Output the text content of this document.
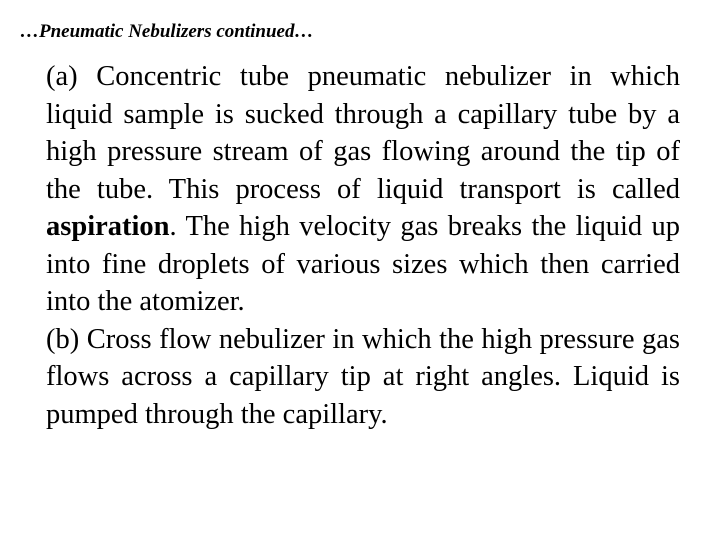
…Pneumatic Nebulizers continued…

(a) Concentric tube pneumatic nebulizer in which liquid sample is sucked through a capillary tube by a high pressure stream of gas flowing around the tip of the tube. This process of liquid transport is called aspiration. The high velocity gas breaks the liquid up into fine droplets of various sizes which then carried into the atomizer.

(b) Cross flow nebulizer in which the high pressure gas flows across a capillary tip at right angles. Liquid is pumped through the capillary.
